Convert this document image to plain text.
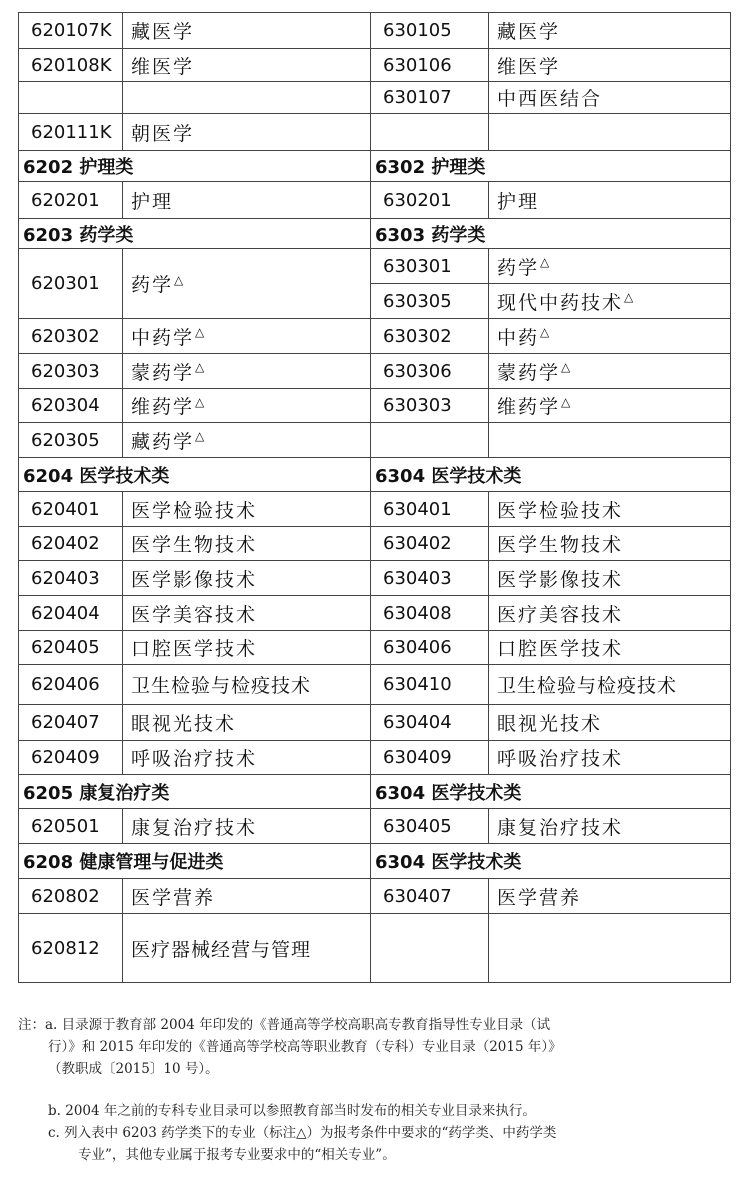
620107K	藏医学	630105	藏医学
620108K	维医学	630106	维医学
		630107	中西医结合
620111K	朝医学		
6202 护理类		6302 护理类	
620201	护理	630201	护理
6203 药学类		6303 药学类	
620301	药学△	630301	药学△
		630305	现代中药技术△
620302	中药学△	630302	中药△
620303	蒙药学△	630306	蒙药学△
620304	维药学△	630303	维药学△
620305	藏药学△		
6204 医学技术类		6304 医学技术类	
620401	医学检验技术	630401	医学检验技术
620402	医学生物技术	630402	医学生物技术
620403	医学影像技术	630403	医学影像技术
620404	医学美容技术	630408	医疗美容技术
620405	口腔医学技术	630406	口腔医学技术
620406	卫生检验与检疫技术	630410	卫生检验与检疫技术
620407	眼视光技术	630404	眼视光技术
620409	呼吸治疗技术	630409	呼吸治疗技术
6205 康复治疗类		6304 医学技术类	
620501	康复治疗技术	630405	康复治疗技术
6208 健康管理与促进类		6304 医学技术类	
620802	医学营养	630407	医学营养
620812	医疗器械经营与管理		

注：a. 目录源于教育部 2004 年印发的《普通高等学校高职高专教育指导性专业目录（试

行）》和 2015 年印发的《普通高等学校高等职业教育（专科）专业目录（2015 年）》

（教职成〔2015〕10 号）。

b. 2004 年之前的专科专业目录可以参照教育部当时发布的相关专业目录来执行。

c. 列入表中 6203 药学类下的专业（标注△）为报考条件中要求的“药学类、中药学类

专业”，其他专业属于报考专业要求中的“相关专业”。
